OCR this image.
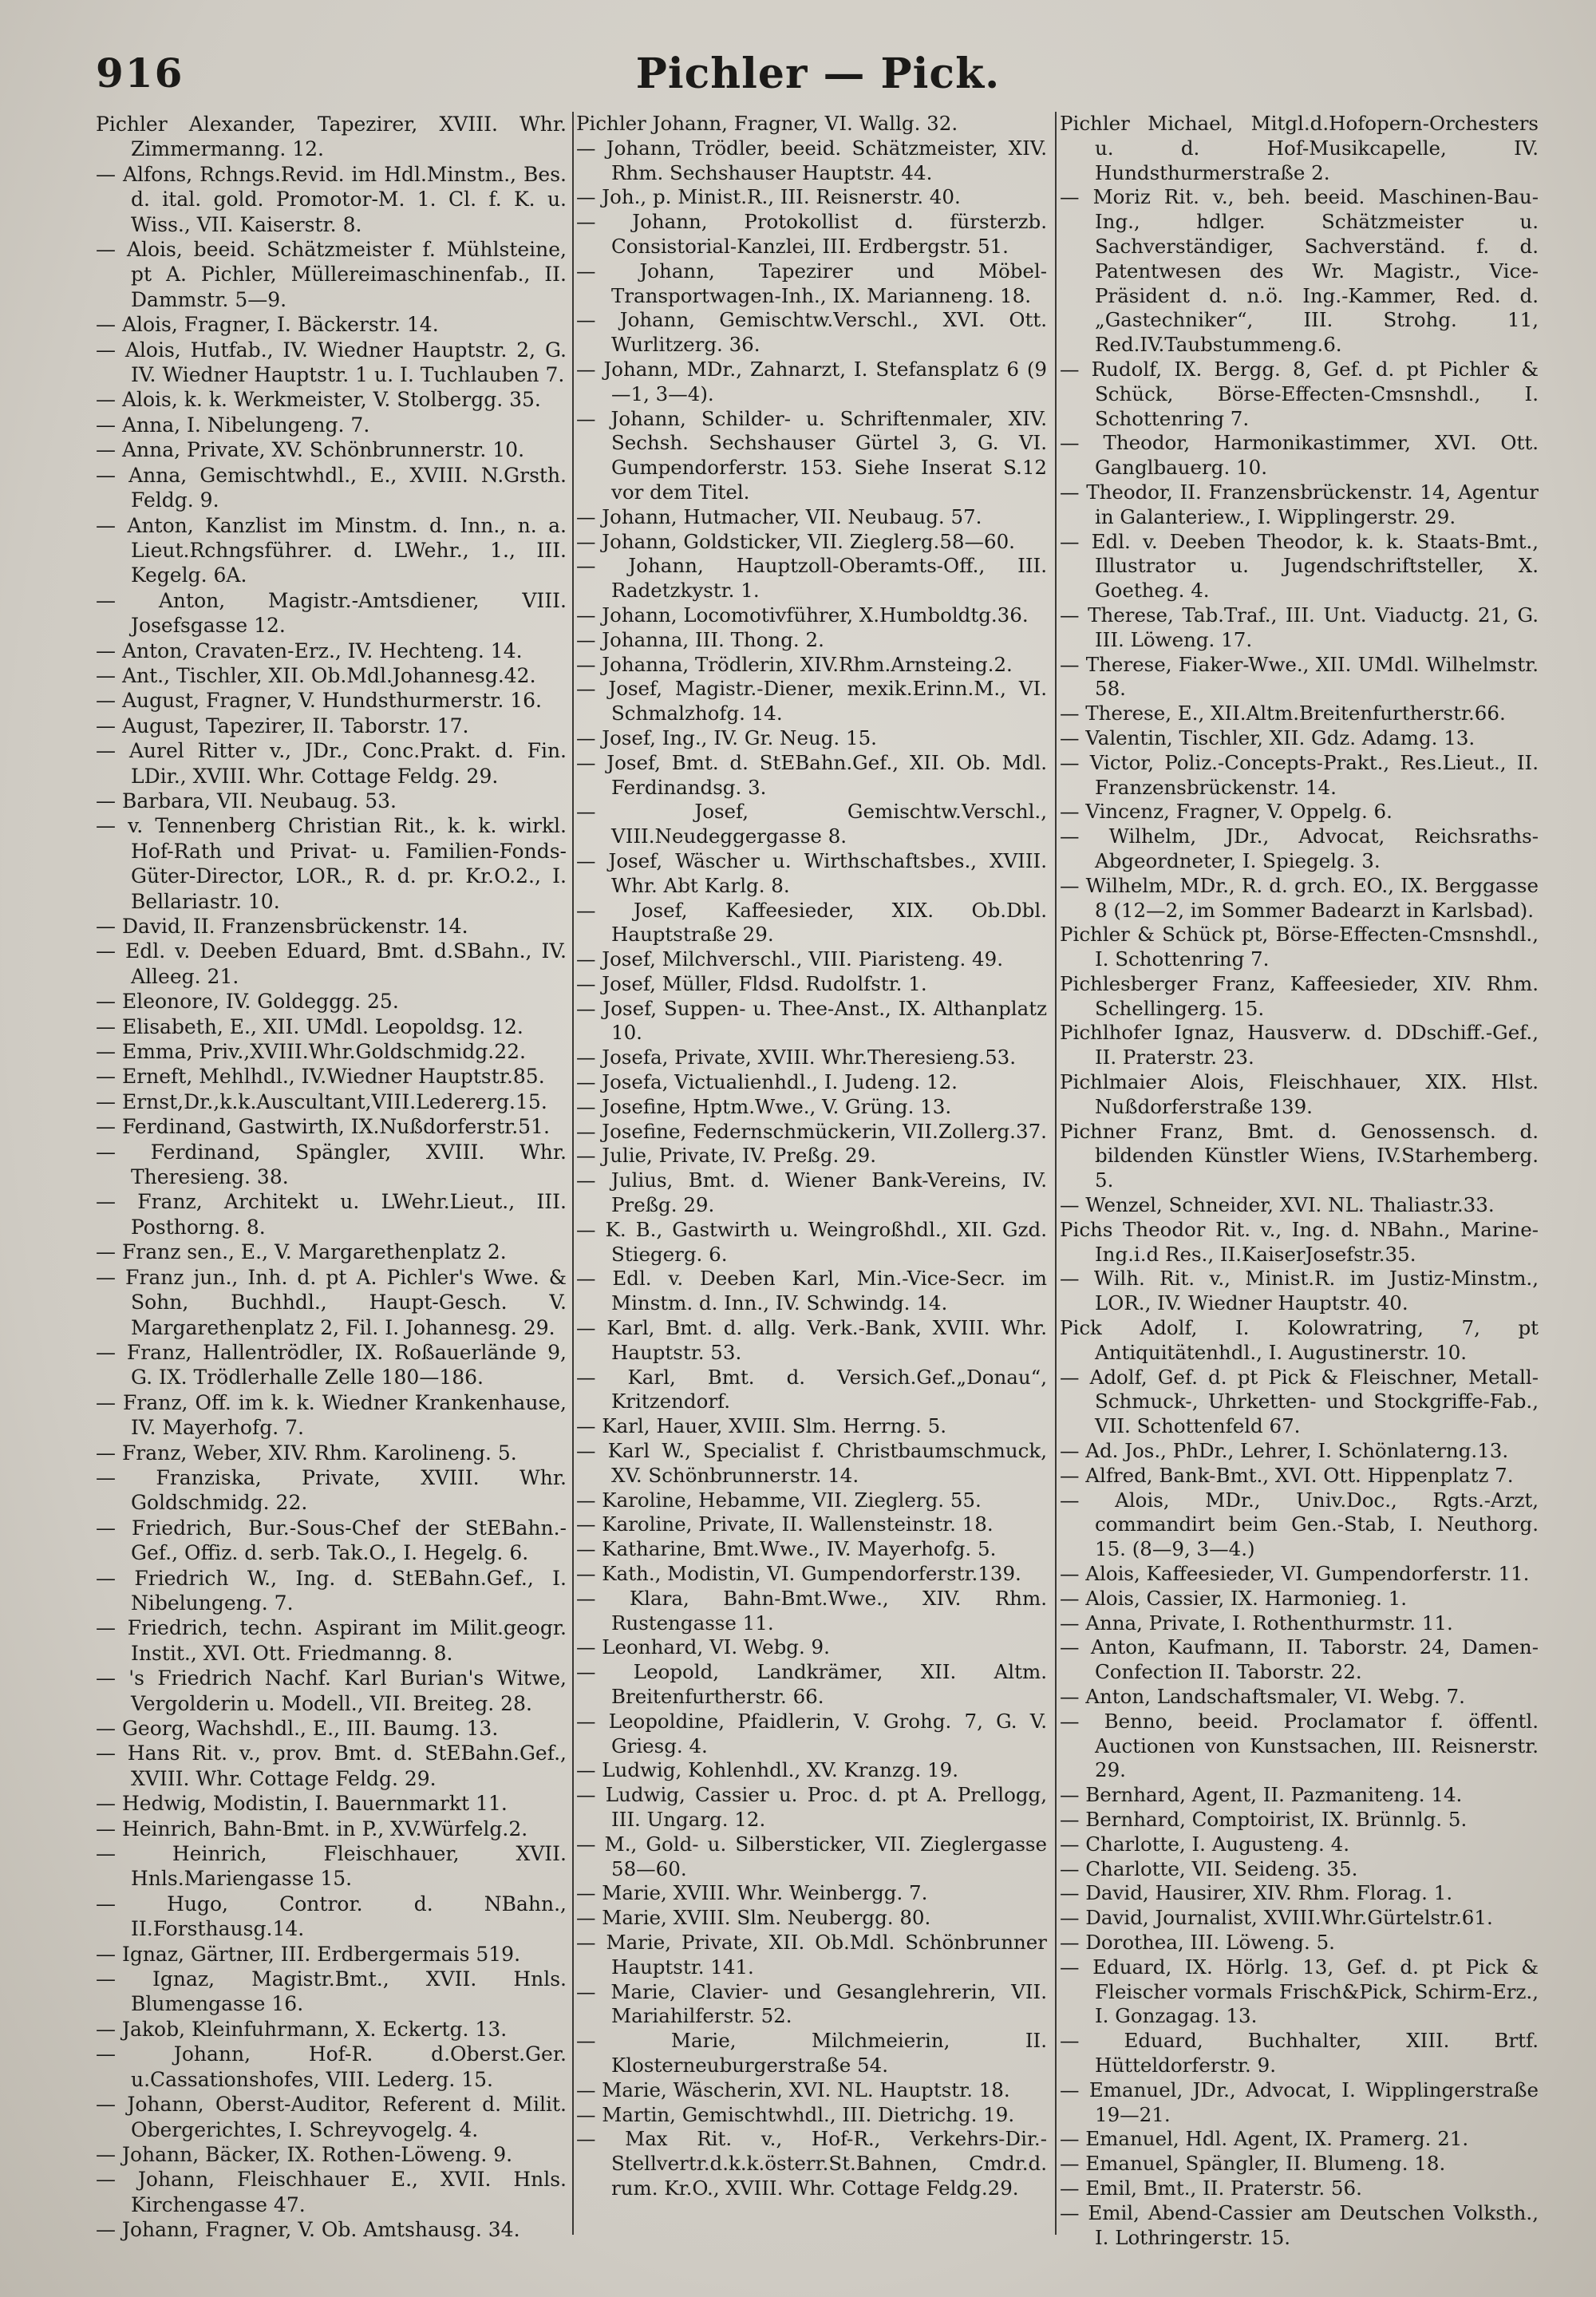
916	Pichler — Pick.

Pichler Alexander, Tapezirer, XVIII. Whr. Zimmermanng. 12.

— Alfons, Rchngs.Revid. im Hdl.Minstm., Bes. d. ital. gold. Promotor-M. 1. Cl. f. K. u. Wiss., VII. Kaiserstr. 8.

— Alois, beeid. Schätzmeister f. Mühlsteine, pt A. Pichler, Müllereimaschinenfab., II. Dammstr. 5—9.

— Alois, Fragner, I. Bäckerstr. 14.

— Alois, Hutfab., IV. Wiedner Hauptstr. 2, G. IV. Wiedner Hauptstr. 1 u. I. Tuchlauben 7.

— Alois, k. k. Werkmeister, V. Stolbergg. 35.

— Anna, I. Nibelungeng. 7.

— Anna, Private, XV. Schönbrunnerstr. 10.

— Anna, Gemischtwhdl., E., XVIII. N.Grsth. Feldg. 9.

— Anton, Kanzlist im Minstm. d. Inn., n. a. Lieut.Rchngsführer. d. LWehr., 1., III. Kegelg. 6A.

— Anton, Magistr.-Amtsdiener, VIII. Josefsgasse 12.

— Anton, Cravaten-Erz., IV. Hechteng. 14.

— Ant., Tischler, XII. Ob.Mdl.Johannesg.42.

— August, Fragner, V. Hundsthurmerstr. 16.

— August, Tapezirer, II. Taborstr. 17.

— Aurel Ritter v., JDr., Conc.Prakt. d. Fin. LDir., XVIII. Whr. Cottage Feldg. 29.

— Barbara, VII. Neubaug. 53.

— v. Tennenberg Christian Rit., k. k. wirkl. Hof-Rath und Privat- u. Familien-Fonds-Güter-Director, LOR., R. d. pr. Kr.O.2., I. Bellariastr. 10.

— David, II. Franzensbrückenstr. 14.

— Edl. v. Deeben Eduard, Bmt. d.SBahn., IV. Alleeg. 21.

— Eleonore, IV. Goldeggg. 25.

— Elisabeth, E., XII. UMdl. Leopoldsg. 12.

— Emma, Priv.,XVIII.Whr.Goldschmidg.22.

— Erneft, Mehlhdl., IV.Wiedner Hauptstr.85.

— Ernst,Dr.,k.k.Auscultant,VIII.Ledererg.15.

— Ferdinand, Gastwirth, IX.Nußdorferstr.51.

— Ferdinand, Spängler, XVIII. Whr. Theresieng. 38.

— Franz, Architekt u. LWehr.Lieut., III. Posthorng. 8.

— Franz sen., E., V. Margarethenplatz 2.

— Franz jun., Inh. d. pt A. Pichler's Wwe. & Sohn, Buchhdl., Haupt-Gesch. V. Margarethenplatz 2, Fil. I. Johannesg. 29.

— Franz, Hallentrödler, IX. Roßauerlände 9, G. IX. Trödlerhalle Zelle 180—186.

— Franz, Off. im k. k. Wiedner Krankenhause, IV. Mayerhofg. 7.

— Franz, Weber, XIV. Rhm. Karolineng. 5.

— Franziska, Private, XVIII. Whr. Goldschmidg. 22.

— Friedrich, Bur.-Sous-Chef der StEBahn.-Gef., Offiz. d. serb. Tak.O., I. Hegelg. 6.

— Friedrich W., Ing. d. StEBahn.Gef., I. Nibelungeng. 7.

— Friedrich, techn. Aspirant im Milit.geogr. Instit., XVI. Ott. Friedmanng. 8.

— 's Friedrich Nachf. Karl Burian's Witwe, Vergolderin u. Modell., VII. Breiteg. 28.

— Georg, Wachshdl., E., III. Baumg. 13.

— Hans Rit. v., prov. Bmt. d. StEBahn.Gef., XVIII. Whr. Cottage Feldg. 29.

— Hedwig, Modistin, I. Bauernmarkt 11.

— Heinrich, Bahn-Bmt. in P., XV.Würfelg.2.

— Heinrich, Fleischhauer, XVII. Hnls.Mariengasse 15.

— Hugo, Contror. d. NBahn., II.Forsthausg.14.

— Ignaz, Gärtner, III. Erdbergermais 519.

— Ignaz, Magistr.Bmt., XVII. Hnls. Blumengasse 16.

— Jakob, Kleinfuhrmann, X. Eckertg. 13.

— Johann, Hof-R. d.Oberst.Ger. u.Cassationshofes, VIII. Lederg. 15.

— Johann, Oberst-Auditor, Referent d. Milit. Obergerichtes, I. Schreyvogelg. 4.

— Johann, Bäcker, IX. Rothen-Löweng. 9.

— Johann, Fleischhauer E., XVII. Hnls. Kirchengasse 47.

— Johann, Fragner, V. Ob. Amtshausg. 34.

Pichler Johann, Fragner, VI. Wallg. 32.

— Johann, Trödler, beeid. Schätzmeister, XIV. Rhm. Sechshauser Hauptstr. 44.

— Joh., p. Minist.R., III. Reisnerstr. 40.

— Johann, Protokollist d. fürsterzb. Consistorial-Kanzlei, III. Erdbergstr. 51.

— Johann, Tapezirer und Möbel-Transportwagen-Inh., IX. Marianneng. 18.

— Johann, Gemischtw.Verschl., XVI. Ott. Wurlitzerg. 36.

— Johann, MDr., Zahnarzt, I. Stefansplatz 6 (9—1, 3—4).

— Johann, Schilder- u. Schriftenmaler, XIV. Sechsh. Sechshauser Gürtel 3, G. VI. Gumpendorferstr. 153. Siehe Inserat S.12 vor dem Titel.

— Johann, Hutmacher, VII. Neubaug. 57.

— Johann, Goldsticker, VII. Zieglerg.58—60.

— Johann, Hauptzoll-Oberamts-Off., III. Radetzkystr. 1.

— Johann, Locomotivführer, X.Humboldtg.36.

— Johanna, III. Thong. 2.

— Johanna, Trödlerin, XIV.Rhm.Arnsteing.2.

— Josef, Magistr.-Diener, mexik.Erinn.M., VI. Schmalzhofg. 14.

— Josef, Ing., IV. Gr. Neug. 15.

— Josef, Bmt. d. StEBahn.Gef., XII. Ob. Mdl. Ferdinandsg. 3.

— Josef, Gemischtw.Verschl., VIII.Neudeggergasse 8.

— Josef, Wäscher u. Wirthschaftsbes., XVIII. Whr. Abt Karlg. 8.

— Josef, Kaffeesieder, XIX. Ob.Dbl. Hauptstraße 29.

— Josef, Milchverschl., VIII. Piaristeng. 49.

— Josef, Müller, Fldsd. Rudolfstr. 1.

— Josef, Suppen- u. Thee-Anst., IX. Althanplatz 10.

— Josefa, Private, XVIII. Whr.Theresieng.53.

— Josefa, Victualienhdl., I. Judeng. 12.

— Josefine, Hptm.Wwe., V. Grüng. 13.

— Josefine, Federnschmückerin, VII.Zollerg.37.

— Julie, Private, IV. Preßg. 29.

— Julius, Bmt. d. Wiener Bank-Vereins, IV. Preßg. 29.

— K. B., Gastwirth u. Weingroßhdl., XII. Gzd. Stiegerg. 6.

— Edl. v. Deeben Karl, Min.-Vice-Secr. im Minstm. d. Inn., IV. Schwindg. 14.

— Karl, Bmt. d. allg. Verk.-Bank, XVIII. Whr. Hauptstr. 53.

— Karl, Bmt. d. Versich.Gef.„Donau“, Kritzendorf.

— Karl, Hauer, XVIII. Slm. Herrng. 5.

— Karl W., Specialist f. Christbaumschmuck, XV. Schönbrunnerstr. 14.

— Karoline, Hebamme, VII. Zieglerg. 55.

— Karoline, Private, II. Wallensteinstr. 18.

— Katharine, Bmt.Wwe., IV. Mayerhofg. 5.

— Kath., Modistin, VI. Gumpendorferstr.139.

— Klara, Bahn-Bmt.Wwe., XIV. Rhm. Rustengasse 11.

— Leonhard, VI. Webg. 9.

— Leopold, Landkrämer, XII. Altm. Breitenfurtherstr. 66.

— Leopoldine, Pfaidlerin, V. Grohg. 7, G. V. Griesg. 4.

— Ludwig, Kohlenhdl., XV. Kranzg. 19.

— Ludwig, Cassier u. Proc. d. pt A. Prellogg, III. Ungarg. 12.

— M., Gold- u. Silbersticker, VII. Zieglergasse 58—60.

— Marie, XVIII. Whr. Weinbergg. 7.

— Marie, XVIII. Slm. Neubergg. 80.

— Marie, Private, XII. Ob.Mdl. Schönbrunner Hauptstr. 141.

— Marie, Clavier- und Gesanglehrerin, VII. Mariahilferstr. 52.

— Marie, Milchmeierin, II. Klosterneuburgerstraße 54.

— Marie, Wäscherin, XVI. NL. Hauptstr. 18.

— Martin, Gemischtwhdl., III. Dietrichg. 19.

— Max Rit. v., Hof-R., Verkehrs-Dir.-Stellvertr.d.k.k.österr.St.Bahnen, Cmdr.d. rum. Kr.O., XVIII. Whr. Cottage Feldg.29.

Pichler Michael, Mitgl.d.Hofopern-Orchesters u. d. Hof-Musikcapelle, IV. Hundsthurmerstraße 2.

— Moriz Rit. v., beh. beeid. Maschinen-Bau-Ing., hdlger. Schätzmeister u. Sachverständiger, Sachverständ. f. d. Patentwesen des Wr. Magistr., Vice-Präsident d. n.ö. Ing.-Kammer, Red. d. „Gastechniker“, III. Strohg. 11, Red.IV.Taubstummeng.6.

— Rudolf, IX. Bergg. 8, Gef. d. pt Pichler & Schück, Börse-Effecten-Cmsnshdl., I. Schottenring 7.

— Theodor, Harmonikastimmer, XVI. Ott. Ganglbauerg. 10.

— Theodor, II. Franzensbrückenstr. 14, Agentur in Galanteriew., I. Wipplingerstr. 29.

— Edl. v. Deeben Theodor, k. k. Staats-Bmt., Illustrator u. Jugendschriftsteller, X. Goetheg. 4.

— Therese, Tab.Traf., III. Unt. Viaductg. 21, G. III. Löweng. 17.

— Therese, Fiaker-Wwe., XII. UMdl. Wilhelmstr. 58.

— Therese, E., XII.Altm.Breitenfurtherstr.66.

— Valentin, Tischler, XII. Gdz. Adamg. 13.

— Victor, Poliz.-Concepts-Prakt., Res.Lieut., II. Franzensbrückenstr. 14.

— Vincenz, Fragner, V. Oppelg. 6.

— Wilhelm, JDr., Advocat, Reichsraths-Abgeordneter, I. Spiegelg. 3.

— Wilhelm, MDr., R. d. grch. EO., IX. Berggasse 8 (12—2, im Sommer Badearzt in Karlsbad).

Pichler & Schück pt, Börse-Effecten-Cmsnshdl., I. Schottenring 7.

Pichlesberger Franz, Kaffeesieder, XIV. Rhm. Schellingerg. 15.

Pichlhofer Ignaz, Hausverw. d. DDschiff.-Gef., II. Praterstr. 23.

Pichlmaier Alois, Fleischhauer, XIX. Hlst. Nußdorferstraße 139.

Pichner Franz, Bmt. d. Genossensch. d. bildenden Künstler Wiens, IV.Starhemberg. 5.

— Wenzel, Schneider, XVI. NL. Thaliastr.33.

Pichs Theodor Rit. v., Ing. d. NBahn., Marine-Ing.i.d Res., II.KaiserJosefstr.35.

— Wilh. Rit. v., Minist.R. im Justiz-Minstm., LOR., IV. Wiedner Hauptstr. 40.

Pick Adolf, I. Kolowratring, 7, pt Antiquitätenhdl., I. Augustinerstr. 10.

— Adolf, Gef. d. pt Pick & Fleischner, Metall-Schmuck-, Uhrketten- und Stockgriffe-Fab., VII. Schottenfeld 67.

— Ad. Jos., PhDr., Lehrer, I. Schönlaterng.13.

— Alfred, Bank-Bmt., XVI. Ott. Hippenplatz 7.

— Alois, MDr., Univ.Doc., Rgts.-Arzt, commandirt beim Gen.-Stab, I. Neuthorg. 15. (8—9, 3—4.)

— Alois, Kaffeesieder, VI. Gumpendorferstr. 11.

— Alois, Cassier, IX. Harmonieg. 1.

— Anna, Private, I. Rothenthurmstr. 11.

— Anton, Kaufmann, II. Taborstr. 24, Damen-Confection II. Taborstr. 22.

— Anton, Landschaftsmaler, VI. Webg. 7.

— Benno, beeid. Proclamator f. öffentl. Auctionen von Kunstsachen, III. Reisnerstr. 29.

— Bernhard, Agent, II. Pazmaniteng. 14.

— Bernhard, Comptoirist, IX. Brünnlg. 5.

— Charlotte, I. Augusteng. 4.

— Charlotte, VII. Seideng. 35.

— David, Hausirer, XIV. Rhm. Florag. 1.

— David, Journalist, XVIII.Whr.Gürtelstr.61.

— Dorothea, III. Löweng. 5.

— Eduard, IX. Hörlg. 13, Gef. d. pt Pick & Fleischer vormals Frisch&Pick, Schirm-Erz., I. Gonzagag. 13.

— Eduard, Buchhalter, XIII. Brtf. Hütteldorferstr. 9.

— Emanuel, JDr., Advocat, I. Wipplingerstraße 19—21.

— Emanuel, Hdl. Agent, IX. Pramerg. 21.

— Emanuel, Spängler, II. Blumeng. 18.

— Emil, Bmt., II. Praterstr. 56.

— Emil, Abend-Cassier am Deutschen Volksth., I. Lothringerstr. 15.
